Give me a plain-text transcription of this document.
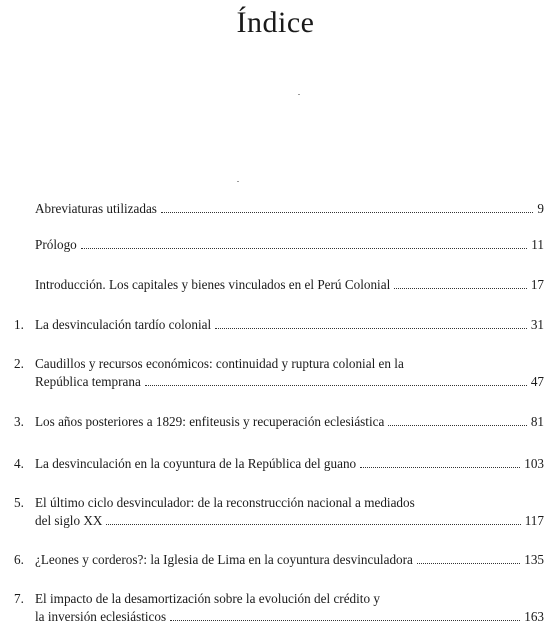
Índice
Abreviaturas utilizadas	9
Prólogo	11
Introducción. Los capitales y bienes vinculados en el Perú Colonial	17
1. La desvinculación tardío colonial	31
2. Caudillos y recursos económicos: continuidad y ruptura colonial en la
República temprana	47
3. Los años posteriores a 1829: enfiteusis y recuperación eclesiástica	81
4. La desvinculación en la coyuntura de la República del guano	103
5. El último ciclo desvinculador: de la reconstrucción nacional a mediados
del siglo XX	117
6. ¿Leones y corderos?: la Iglesia de Lima en la coyuntura desvinculadora	135
7. El impacto de la desamortización sobre la evolución del crédito y
la inversión eclesiásticos	163
